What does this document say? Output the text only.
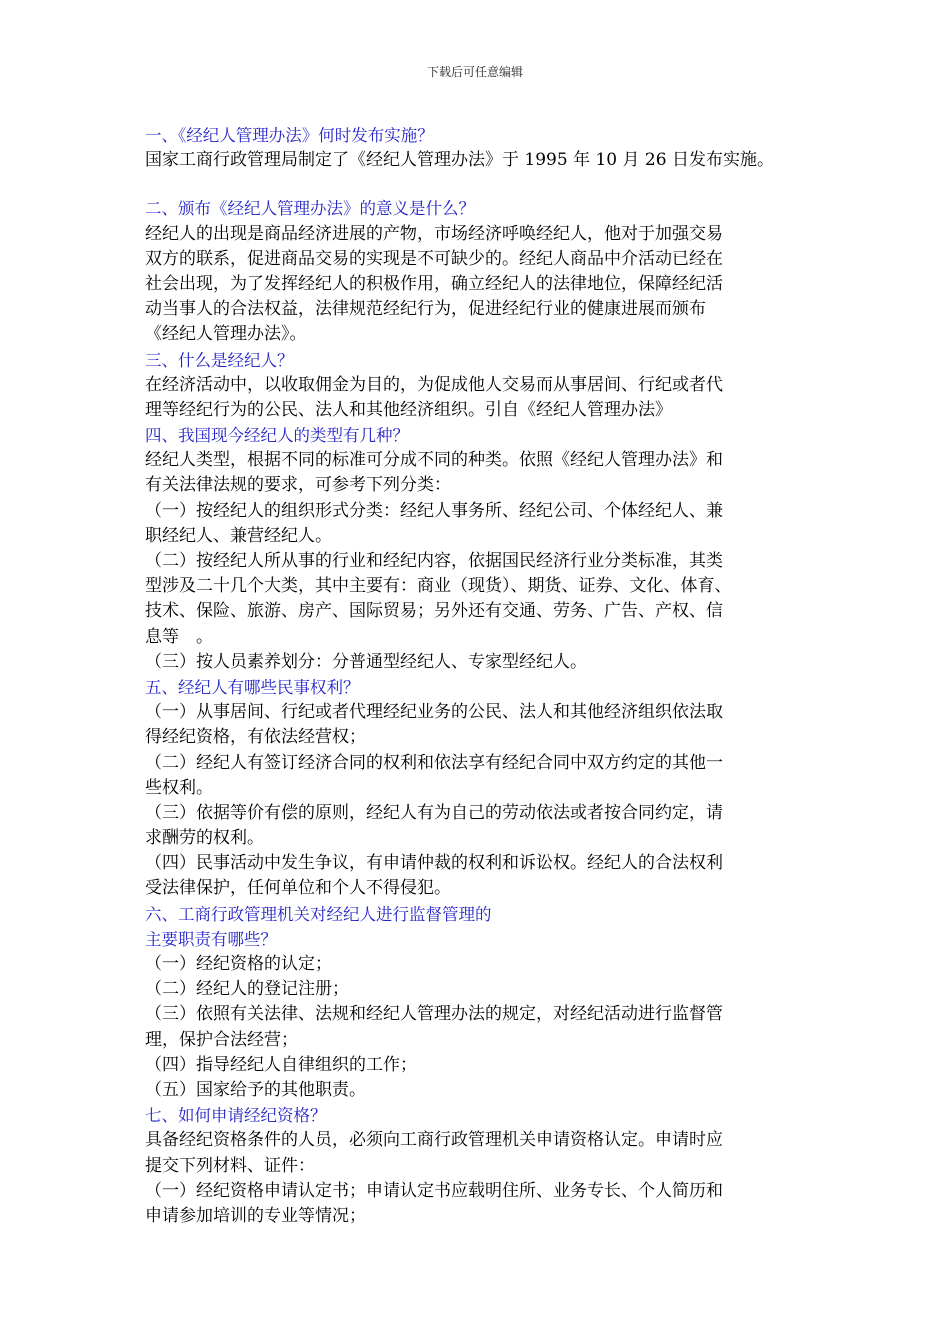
下载后可任意编辑
一、《经纪人管理办法》何时发布实施？
国家工商行政管理局制定了《经纪人管理办法》于 1995 年 10 月 26 日发布实施。
二、颁布《经纪人管理办法》的意义是什么？
经纪人的出现是商品经济进展的产物，市场经济呼唤经纪人，他对于加强交易
双方的联系，促进商品交易的实现是不可缺少的。经纪人商品中介活动已经在
社会出现，为了发挥经纪人的积极作用，确立经纪人的法律地位，保障经纪活
动当事人的合法权益，法律规范经纪行为，促进经纪行业的健康进展而颁布
《经纪人管理办法》。
三、什么是经纪人？
在经济活动中，以收取佣金为目的，为促成他人交易而从事居间、行纪或者代
理等经纪行为的公民、法人和其他经济组织。引自《经纪人管理办法》
四、我国现今经纪人的类型有几种？
经纪人类型，根据不同的标准可分成不同的种类。依照《经纪人管理办法》和
有关法律法规的要求，可参考下列分类：
（一）按经纪人的组织形式分类：经纪人事务所、经纪公司、个体经纪人、兼
职经纪人、兼营经纪人。
（二）按经纪人所从事的行业和经纪内容，依据国民经济行业分类标准，其类
型涉及二十几个大类，其中主要有：商业（现货）、期货、证券、文化、体育、
技术、保险、旅游、房产、国际贸易；另外还有交通、劳务、广告、产权、信
息等　。
（三）按人员素养划分：分普通型经纪人、专家型经纪人。
五、经纪人有哪些民事权利？
（一）从事居间、行纪或者代理经纪业务的公民、法人和其他经济组织依法取
得经纪资格，有依法经营权；
（二）经纪人有签订经济合同的权利和依法享有经纪合同中双方约定的其他一
些权利。
（三）依据等价有偿的原则，经纪人有为自己的劳动依法或者按合同约定，请
求酬劳的权利。
（四）民事活动中发生争议，有申请仲裁的权利和诉讼权。经纪人的合法权利
受法律保护，任何单位和个人不得侵犯。
六、工商行政管理机关对经纪人进行监督管理的
主要职责有哪些？
（一）经纪资格的认定；
（二）经纪人的登记注册；
（三）依照有关法律、法规和经纪人管理办法的规定，对经纪活动进行监督管
理，保护合法经营；
（四）指导经纪人自律组织的工作；
（五）国家给予的其他职责。
七、如何申请经纪资格？
具备经纪资格条件的人员，必须向工商行政管理机关申请资格认定。申请时应
提交下列材料、证件：
（一）经纪资格申请认定书；申请认定书应载明住所、业务专长、个人简历和
申请参加培训的专业等情况；
